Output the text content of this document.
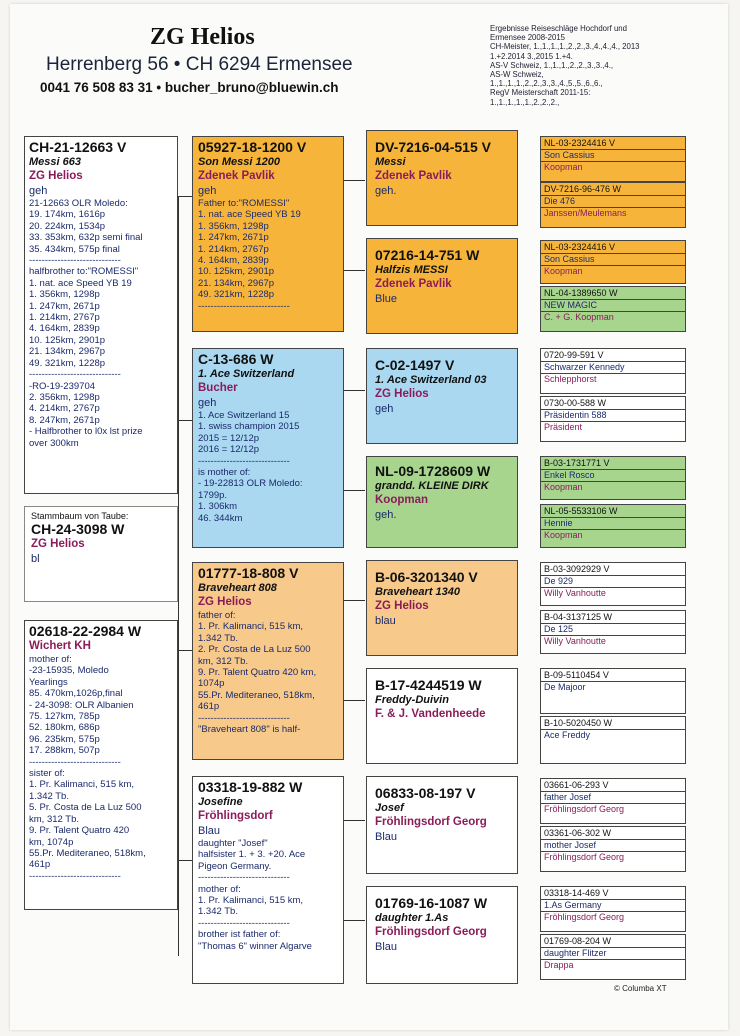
ZG Helios
Herrenberg 56 • CH 6294 Ermensee
0041 76 508 83 31 • bucher_bruno@bluewin.ch
Ergebnisse Reiseschläge Hochdorf und
Ermensee 2008-2015
CH-Meister, 1.,1.,1.,1.,2.,2.,3.,4.,4.,4., 2013
1.+2.2014 3.,2015 1.+4.
AS-V Schweiz, 1.,1.,1.,2.,2.,3.,3.,4.,
AS-W Schweiz,
1.,1.,1.,1.,2.,2.,3.,3.,4.,5.,5.,6.,6.,
RegV Meisterschaft 2011-15:
1.,1.,1.,1.,1.,2.,2.,2.,
CH-21-12663 V
Messi 663
ZG Helios
geh
21-12663 OLR Moledo:
19. 174km, 1616p
20. 224km, 1534p
33. 353km, 632p semi final
35. 434km, 575p final
-----------------------------
halfbrother to:"ROMESSI"
1. nat. ace Speed YB 19
1. 356km, 1298p
1. 247km, 2671p
1. 214km, 2767p
4. 164km, 2839p
10. 125km, 2901p
21. 134km, 2967p
49. 321km, 1228p
-----------------------------
-RO-19-239704
2. 356km, 1298p
4. 214km, 2767p
8. 247km, 2671p
- Halfbrother to l0x lst prize
over 300km
Stammbaum von Taube:
CH-24-3098 W
ZG Helios
bl
02618-22-2984 W
Wichert KH
mother of:
-23-15935, Moledo
Yearlings
85. 470km,1026p,final
- 24-3098: OLR Albanien
75. 127km, 785p
52. 180km, 686p
96. 235km, 575p
17. 288km, 507p
-----------------------------
sister of:
1. Pr. Kalimanci, 515 km,
1.342 Tb.
5. Pr. Costa de La Luz 500
km, 312 Tb.
9. Pr. Talent Quatro 420
km, 1074p
55.Pr. Mediteraneo, 518km,
461p
-----------------------------
05927-18-1200 V
Son Messi 1200
Zdenek Pavlik
geh
Father to:"ROMESSI"
1. nat. ace Speed YB 19
1. 356km, 1298p
1. 247km, 2671p
1. 214km, 2767p
4. 164km, 2839p
10. 125km, 2901p
21. 134km, 2967p
49. 321km, 1228p
-----------------------------
C-13-686 W
1. Ace Switzerland
Bucher
geh
1. Ace Switzerland 15
1. swiss champion 2015
2015 = 12/12p
2016 = 12/12p
-----------------------------
is mother of:
- 19-22813 OLR Moledo:
1799p.
1. 306km
46. 344km
01777-18-808 V
Braveheart 808
ZG Helios
father of:
1. Pr. Kalimanci, 515 km,
1.342 Tb.
2. Pr. Costa de La Luz 500
km, 312 Tb.
9. Pr. Talent Quatro 420 km,
1074p
55.Pr. Mediteraneo, 518km,
461p
-----------------------------
"Braveheart 808" is half-
03318-19-882 W
Josefine
Fröhlingsdorf
Blau
daughter "Josef"
halfsister 1. + 3. +20. Ace
Pigeon Germany.
-----------------------------
mother of:
1. Pr. Kalimanci, 515 km,
1.342 Tb.
-----------------------------
brother ist father of:
"Thomas 6" winner Algarve
DV-7216-04-515 V
Messi
Zdenek Pavlik
geh.
07216-14-751 W
Halfzis MESSI
Zdenek Pavlik
Blue
C-02-1497 V
1. Ace Switzerland 03
ZG Helios
geh
NL-09-1728609 W
grandd. KLEINE DIRK
Koopman
geh.
B-06-3201340 V
Braveheart 1340
ZG Helios
blau
B-17-4244519 W
Freddy-Duivin
F. & J. Vandenheede
06833-08-197 V
Josef
Fröhlingsdorf Georg
Blau
01769-16-1087 W
daughter 1.As
Fröhlingsdorf Georg
Blau
NL-03-2324416 V
Son Cassius
Koopman
DV-7216-96-476 W
Die 476
Janssen/Meulemans
NL-03-2324416 V
Son Cassius
Koopman
NL-04-1389650 W
NEW MAGIC
C. + G. Koopman
0720-99-591 V
Schwarzer Kennedy
Schlepphorst
0730-00-588 W
Präsidentin 588
Präsident
B-03-1731771 V
Enkel Rosco
Koopman
NL-05-5533106 W
Hennie
Koopman
B-03-3092929 V
De 929
Willy Vanhoutte
B-04-3137125 W
De 125
Willy Vanhoutte
B-09-5110454 V
De Majoor
B-10-5020450 W
Ace Freddy
03661-06-293 V
father Josef
Fröhlingsdorf Georg
03361-06-302 W
mother Josef
Fröhlingsdorf Georg
03318-14-469 V
1.As Germany
Fröhlingsdorf Georg
01769-08-204 W
daughter Flitzer
Drappa
© Columba XT
